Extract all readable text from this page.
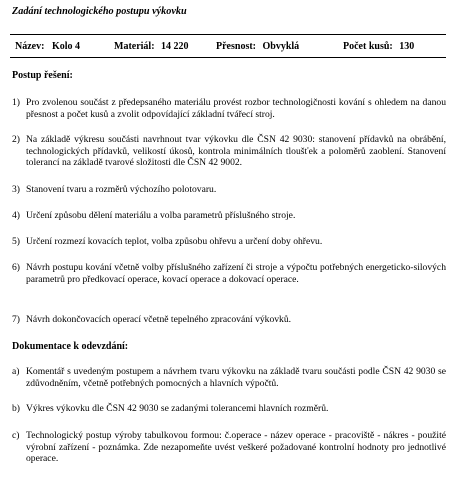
Zadání technologického postupu výkovku
Název: Kolo 4	Materiál: 14 220	Přesnost: Obvyklá	Počet kusů: 130
Postup řešení:
1) Pro zvolenou součást z předepsaného materiálu provést rozbor technologičnosti kování s ohledem na danou přesnost a počet kusů a zvolit odpovídající základní tvářecí stroj.
2) Na základě výkresu součásti navrhnout tvar výkovku dle ČSN 42 9030: stanovení přídavků na obrábění, technologických přídavků, velikostí úkosů, kontrola minimálních tloušťek a poloměrů zaoblení. Stanovení tolerancí na základě tvarové složitosti dle ČSN 42 9002.
3) Stanovení tvaru a rozměrů výchozího polotovaru.
4) Určení způsobu dělení materiálu a volba parametrů příslušného stroje.
5) Určení rozmezí kovacích teplot, volba způsobu ohřevu a určení doby ohřevu.
6) Návrh postupu kování včetně volby příslušného zařízení či stroje a výpočtu potřebných energeticko-silových parametrů pro předkovací operace, kovací operace a dokovací operace.
7) Návrh dokončovacích operací včetně tepelného zpracování výkovků.
Dokumentace k odevzdání:
a) Komentář s uvedeným postupem a návrhem tvaru výkovku na základě tvaru součásti podle ČSN 42 9030 se zdůvodněním, včetně potřebných pomocných a hlavních výpočtů.
b) Výkres výkovku dle ČSN 42 9030 se zadanými tolerancemi hlavních rozměrů.
c) Technologický postup výroby tabulkovou formou: č.operace - název operace - pracoviště - nákres - použité výrobní zařízení - poznámka. Zde nezapomeňte uvést veškeré požadované kontrolní hodnoty pro jednotlivé operace.
